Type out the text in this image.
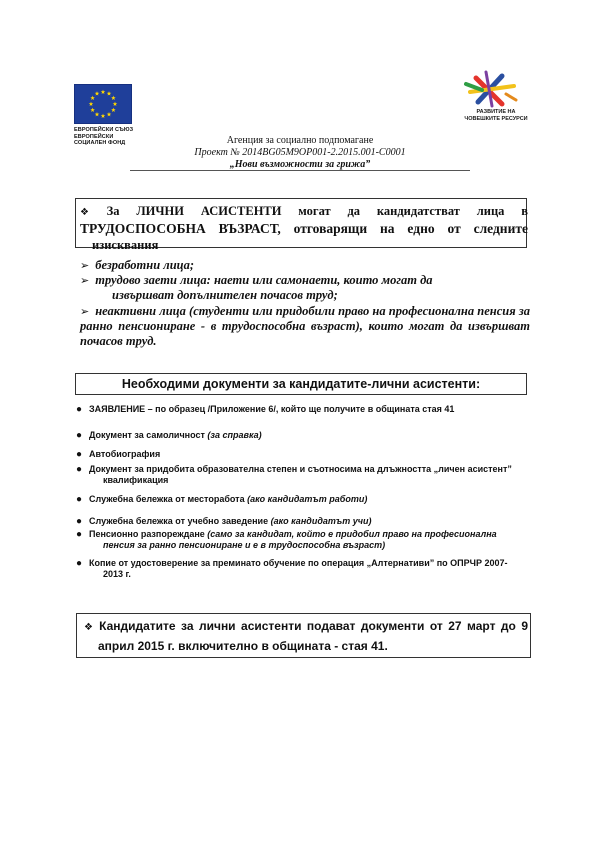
ЕВРОПЕЙСКИ СЪЮЗ
ЕВРОПЕЙСКИ
СОЦИАЛЕН ФОНД
РАЗВИТИЕ НА
ЧОВЕШКИТЕ РЕСУРСИ
Агенция за социално подпомагане
Проект № 2014BG05M9OP001-2.2015.001-C0001
„Нови възможности за грижа”
❖ За ЛИЧНИ АСИСТЕНТИ могат да кандидатстват лица в
ТРУДОСПОСОБНА ВЪЗРАСТ, отговарящи на едно от следните
изисквания
➢ безработни лица;
➢ трудово заети лица: наети или самонаети, които могат да
извършват допълнителен почасов труд;
➢ неактивни лица (студенти или придобили право на професионална пенсия за ранно пенсиониране - в трудоспособна възраст), които могат да извършват почасов труд.
Необходими документи за кандидатите-лични асистенти:
● ЗАЯВЛЕНИЕ – по образец /Приложение 6/, който ще получите в общината стая 41
● Документ за самоличност (за справка)
● Автобиография
● Документ за придобита образователна степен и съотносима на длъжността „личен асистент”
квалификация
● Служебна бележка от месторабота (ако кандидатът работи)
● Служебна бележка от учебно заведение (ако кандидатът учи)
● Пенсионно разпореждане (само за кандидат, който е придобил право на професионална
пенсия за ранно пенсиониране и е в трудоспособна възраст)
● Копие от удостоверение за преминато обучение по операция „Алтернативи” по ОПРЧР 2007-
2013 г.
❖ Кандидатите за лични асистенти подават документи от 27 март до 9
април 2015 г. включително в общината - стая 41.
